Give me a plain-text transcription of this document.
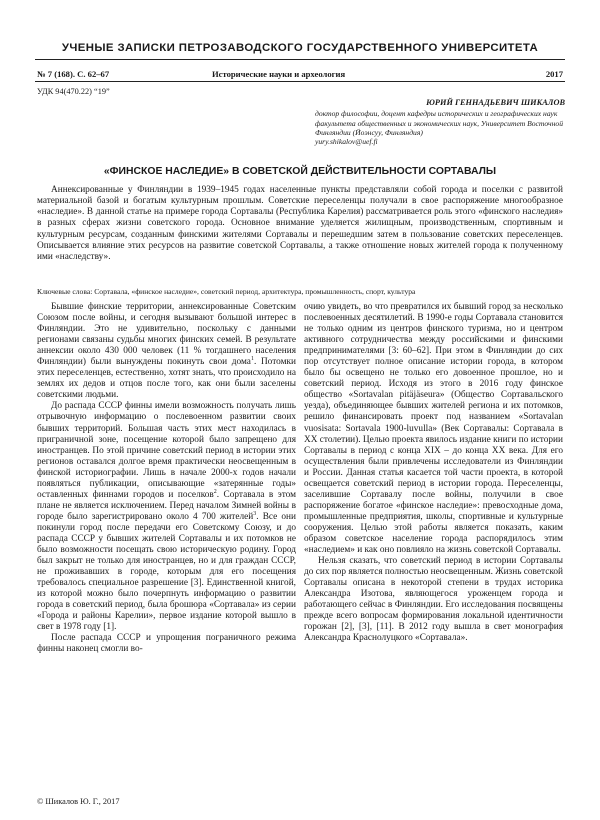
УЧЕНЫЕ ЗАПИСКИ ПЕТРОЗАВОДСКОГО ГОСУДАРСТВЕННОГО УНИВЕРСИТЕТА
№ 7 (168). С. 62–67	Исторические науки и археология	2017
УДК 94(470.22) “19”
ЮРИЙ ГЕННАДЬЕВИЧ ШИКАЛОВ
доктор философии, доцент кафедры исторических и географических наук факультета общественных и экономических наук, Университет Восточной Финляндии (Йоэнсуу, Финляндия)
yury.shikalov@uef.fi
«ФИНСКОЕ НАСЛЕДИЕ» В СОВЕТСКОЙ ДЕЙСТВИТЕЛЬНОСТИ СОРТАВАЛЫ

Аннексированные у Финляндии в 1939–1945 годах населенные пункты представляли собой города и поселки с развитой материальной базой и богатым культурным прошлым. Советские переселенцы получали в свое распоряжение многообразное «наследие». В данной статье на примере города Сортавалы (Республика Карелия) рассматривается роль этого «финского наследия» в разных сферах жизни советского города. Основное внимание уделяется жилищным, производственным, спортивным и культурным ресурсам, созданным финскими жителями Сортавалы и перешедшим затем в пользование советских переселенцев. Описывается влияние этих ресурсов на развитие советской Сортавалы, а также отношение новых жителей города к полученному ими «наследству».

Ключевые слова: Сортавала, «финское наследие», советский период, архитектура, промышленность, спорт, культура

Бывшие финские территории, аннексированные Советским Союзом после войны, и сегодня вызывают большой интерес в Финляндии. Это не удивительно, поскольку с данными регионами связаны судьбы многих финских семей. В результате аннексии около 430 000 человек (11 % тогдашнего населения Финляндии) были вынуждены покинуть свои дома$^1$. Потомки этих переселенцев, естественно, хотят знать, что происходило на землях их дедов и отцов после того, как они были заселены советскими людьми.

До распада СССР финны имели возможность получать лишь отрывочную информацию о послевоенном развитии своих бывших территорий. Большая часть этих мест находилась в приграничной зоне, посещение которой было запрещено для иностранцев. По этой причине советский период в истории этих регионов оставался долгое время практически неосвещенным в финской историографии. Лишь в начале 2000-х годов начали появляться публикации, описывающие «затерянные годы» оставленных финнами городов и поселков$^2$. Сортавала в этом плане не является исключением. Перед началом Зимней войны в городе было зарегистрировано около 4 700 жителей$^3$. Все они покинули город после передачи его Советскому Союзу, и до распада СССР у бывших жителей Сортавалы и их потомков не было возможности посещать свою историческую родину. Город был закрыт не только для иностранцев, но и для граждан СССР, не проживавших в городе, которым для его посещения требовалось специальное разрешение [3]. Единственной книгой, из которой можно было почерпнуть информацию о развитии города в советский период, была брошюра «Сортавала» из серии «Города и районы Карелии», первое издание которой вышло в свет в 1978 году [1].

После распада СССР и упрощения пограничного режима финны наконец смогли во-

очию увидеть, во что превратился их бывший город за несколько послевоенных десятилетий. В 1990-е годы Сортавала становится не только одним из центров финского туризма, но и центром активного сотрудничества между российскими и финскими предпринимателями [3: 60–62]. При этом в Финляндии до сих пор отсутствует полное описание истории города, в котором было бы освещено не только его довоенное прошлое, но и советский период. Исходя из этого в 2016 году финское общество «Sortavalan pitäjäseura» (Общество Сортавальского уезда), объединяющее бывших жителей региона и их потомков, решило финансировать проект под названием «Sortavalan vuosisata: Sortavala 1900-luvulla» (Век Сортавалы: Сортавала в XX столетии). Целью проекта явилось издание книги по истории Сортавалы в период с конца XIX – до конца XX века. Для его осуществления были привлечены исследователи из Финляндии и России. Данная статья касается той части проекта, в которой освещается советский период в истории города. Переселенцы, заселившие Сортавалу после войны, получили в свое распоряжение богатое «финское наследие»: превосходные дома, промышленные предприятия, школы, спортивные и культурные сооружения. Целью этой работы является показать, каким образом советское население города распорядилось этим «наследием» и как оно повлияло на жизнь советской Сортавалы.

Нельзя сказать, что советский период в истории Сортавалы до сих пор является полностью неосвещенным. Жизнь советской Сортавалы описана в некоторой степени в трудах историка Александра Изотова, являющегося уроженцем города и работающего сейчас в Финляндии. Его исследования посвящены прежде всего вопросам формирования локальной идентичности горожан [2], [3], [11]. В 2012 году вышла в свет монография Александра Краснолуцкого «Сортавала».

© Шикалов Ю. Г., 2017
